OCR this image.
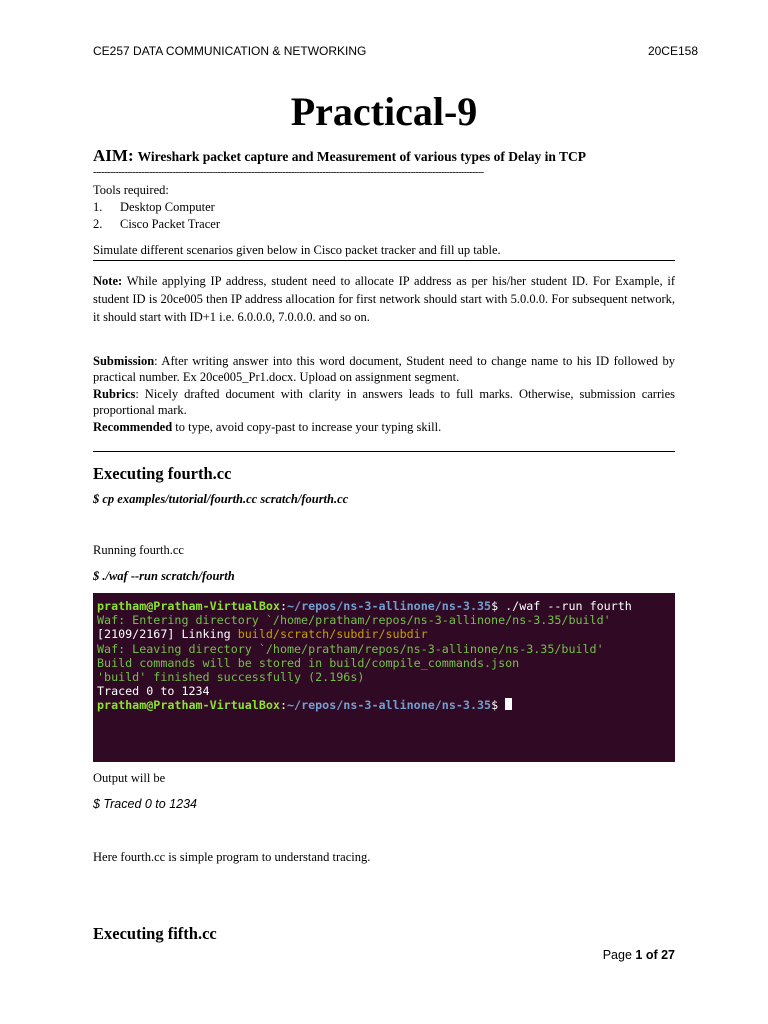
CE257 DATA COMMUNICATION & NETWORKING	20CE158
Practical-9
AIM: Wireshark packet capture and Measurement of various types of Delay in TCP
------------------------------------------------------------------------------------------------------------------------------------------
Tools required:
1. Desktop Computer
2. Cisco Packet Tracer
Simulate different scenarios given below in Cisco packet tracker and fill up table.
Note: While applying IP address, student need to allocate IP address as per his/her student ID. For Example, if student ID is 20ce005 then IP address allocation for first network should start with 5.0.0.0. For subsequent network, it should start with ID+1 i.e. 6.0.0.0, 7.0.0.0. and so on.
Submission: After writing answer into this word document, Student need to change name to his ID followed by practical number. Ex 20ce005_Pr1.docx. Upload on assignment segment.
Rubrics: Nicely drafted document with clarity in answers leads to full marks. Otherwise, submission carries proportional mark.
Recommended to type, avoid copy-past to increase your typing skill.
Executing fourth.cc
$ cp examples/tutorial/fourth.cc scratch/fourth.cc
Running fourth.cc
$ ./waf --run scratch/fourth
pratham@Pratham-VirtualBox:~/repos/ns-3-allinone/ns-3.35$ ./waf --run fourth
Waf: Entering directory `/home/pratham/repos/ns-3-allinone/ns-3.35/build'
[2109/2167] Linking build/scratch/subdir/subdir
Waf: Leaving directory `/home/pratham/repos/ns-3-allinone/ns-3.35/build'
Build commands will be stored in build/compile_commands.json
'build' finished successfully (2.196s)
Traced 0 to 1234
pratham@Pratham-VirtualBox:~/repos/ns-3-allinone/ns-3.35$
Output will be
$ Traced 0 to 1234
Here fourth.cc is simple program to understand tracing.
Executing fifth.cc
Page 1 of 27
